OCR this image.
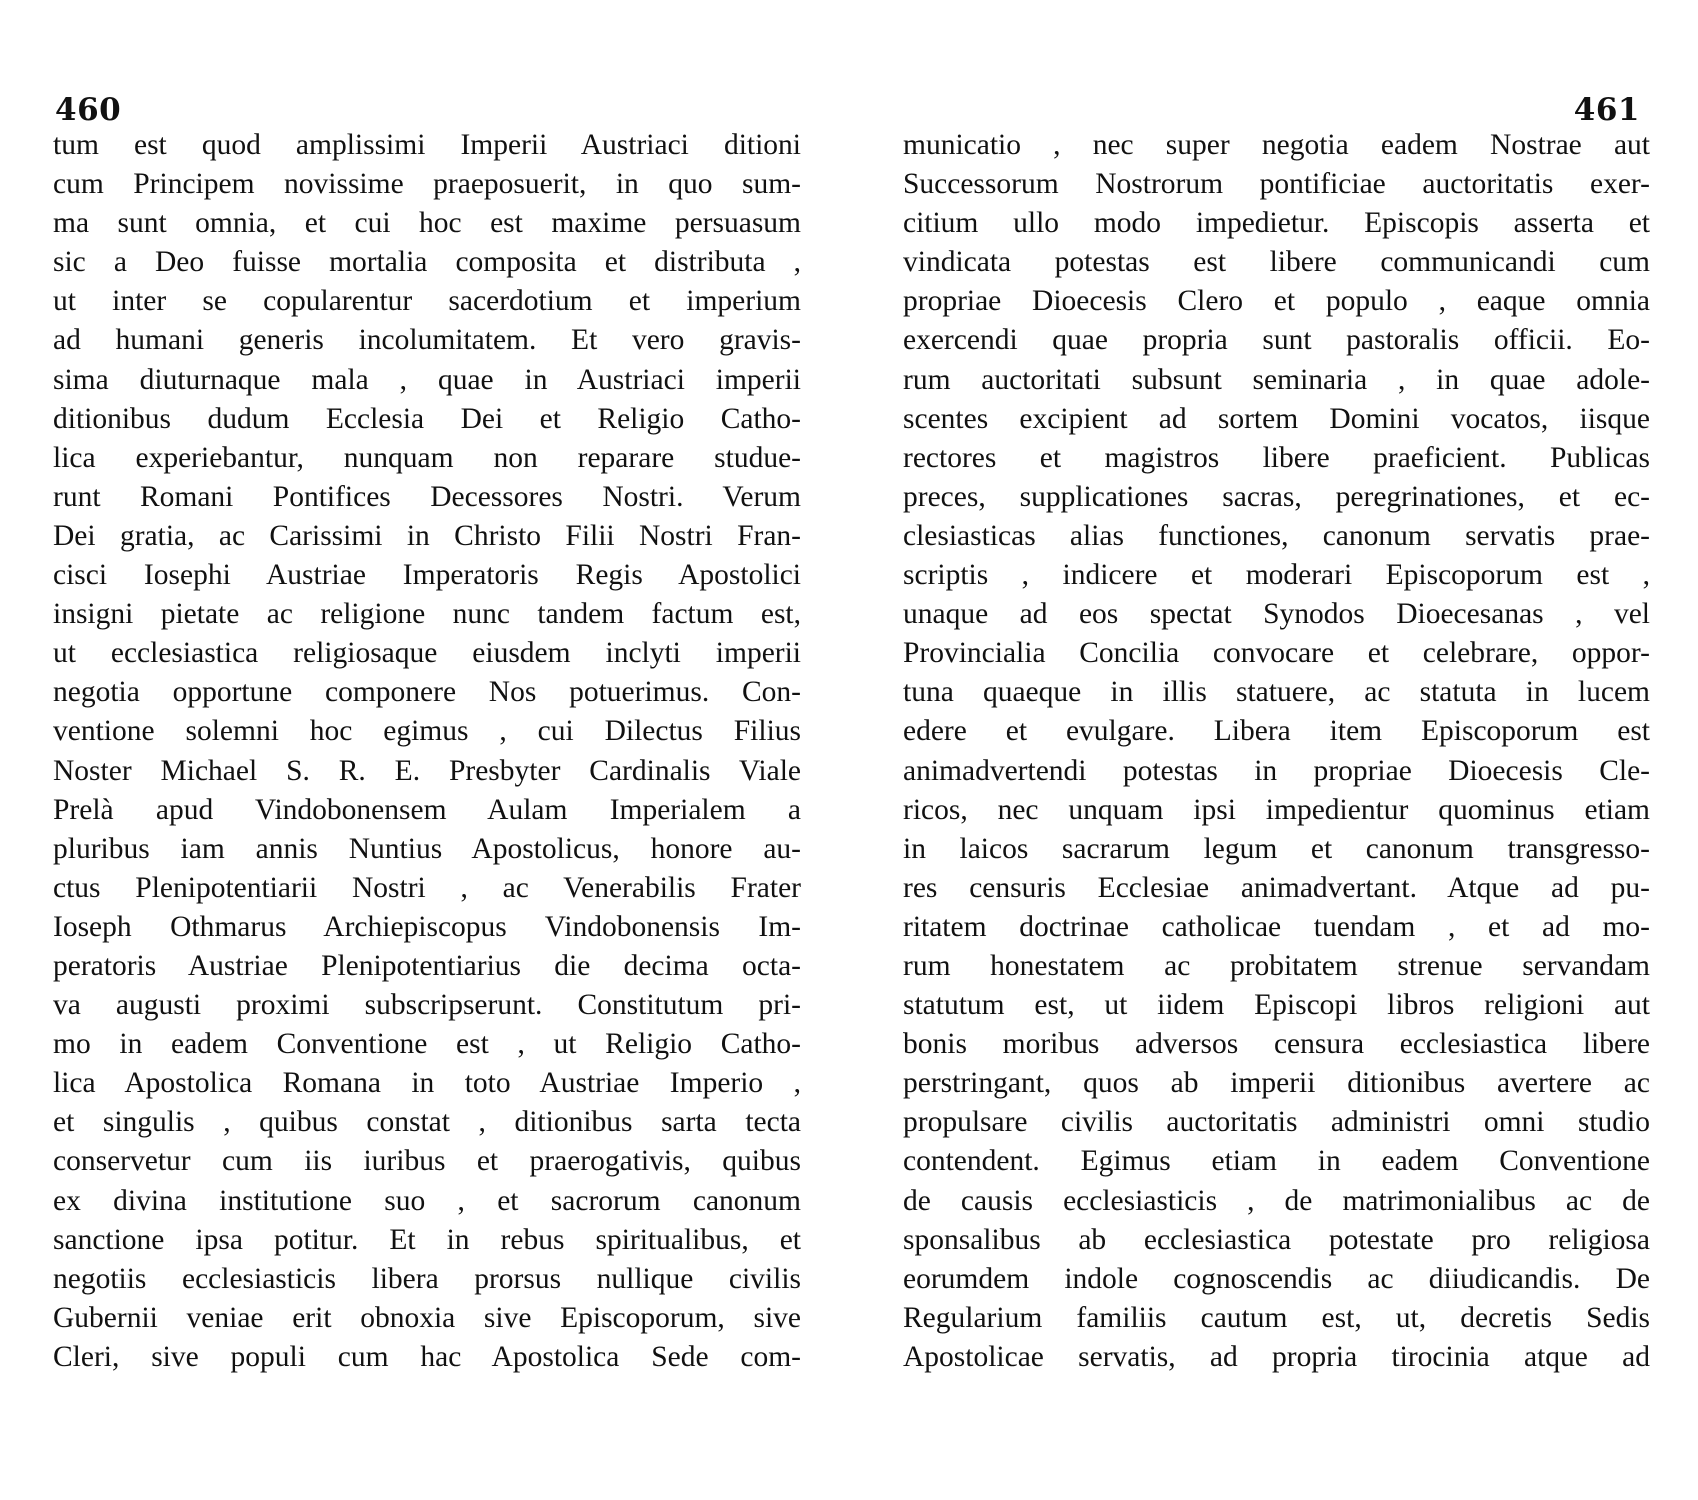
460
tum est quod amplissimi Imperii Austriaci ditioni
cum Principem novissime praeposuerit, in quo sum-
ma sunt omnia, et cui hoc est maxime persuasum
sic a Deo fuisse mortalia composita et distributa ,
ut inter se copularentur sacerdotium et imperium
ad humani generis incolumitatem. Et vero gravis-
sima diuturnaque mala , quae in Austriaci imperii
ditionibus dudum Ecclesia Dei et Religio Catho-
lica experiebantur, nunquam non reparare studue-
runt Romani Pontifices Decessores Nostri. Verum
Dei gratia, ac Carissimi in Christo Filii Nostri Fran-
cisci Iosephi Austriae Imperatoris Regis Apostolici
insigni pietate ac religione nunc tandem factum est,
ut ecclesiastica religiosaque eiusdem inclyti imperii
negotia opportune componere Nos potuerimus. Con-
ventione solemni hoc egimus , cui Dilectus Filius
Noster Michael S. R. E. Presbyter Cardinalis Viale
Prelà apud Vindobonensem Aulam Imperialem a
pluribus iam annis Nuntius Apostolicus, honore au-
ctus Plenipotentiarii Nostri , ac Venerabilis Frater
Ioseph Othmarus Archiepiscopus Vindobonensis Im-
peratoris Austriae Plenipotentiarius die decima octa-
va augusti proximi subscripserunt. Constitutum pri-
mo in eadem Conventione est , ut Religio Catho-
lica Apostolica Romana in toto Austriae Imperio ,
et singulis , quibus constat , ditionibus sarta tecta
conservetur cum iis iuribus et praerogativis, quibus
ex divina institutione suo , et sacrorum canonum
sanctione ipsa potitur. Et in rebus spiritualibus, et
negotiis ecclesiasticis libera prorsus nullique civilis
Gubernii veniae erit obnoxia sive Episcoporum, sive
Cleri, sive populi cum hac Apostolica Sede com-
461
municatio , nec super negotia eadem Nostrae aut
Successorum Nostrorum pontificiae auctoritatis exer-
citium ullo modo impedietur. Episcopis asserta et
vindicata potestas est libere communicandi cum
propriae Dioecesis Clero et populo , eaque omnia
exercendi quae propria sunt pastoralis officii. Eo-
rum auctoritati subsunt seminaria , in quae adole-
scentes excipient ad sortem Domini vocatos, iisque
rectores et magistros libere praeficient. Publicas
preces, supplicationes sacras, peregrinationes, et ec-
clesiasticas alias functiones, canonum servatis prae-
scriptis , indicere et moderari Episcoporum est ,
unaque ad eos spectat Synodos Dioecesanas , vel
Provincialia Concilia convocare et celebrare, oppor-
tuna quaeque in illis statuere, ac statuta in lucem
edere et evulgare. Libera item Episcoporum est
animadvertendi potestas in propriae Dioecesis Cle-
ricos, nec unquam ipsi impedientur quominus etiam
in laicos sacrarum legum et canonum transgresso-
res censuris Ecclesiae animadvertant. Atque ad pu-
ritatem doctrinae catholicae tuendam , et ad mo-
rum honestatem ac probitatem strenue servandam
statutum est, ut iidem Episcopi libros religioni aut
bonis moribus adversos censura ecclesiastica libere
perstringant, quos ab imperii ditionibus avertere ac
propulsare civilis auctoritatis administri omni studio
contendent. Egimus etiam in eadem Conventione
de causis ecclesiasticis , de matrimonialibus ac de
sponsalibus ab ecclesiastica potestate pro religiosa
eorumdem indole cognoscendis ac diiudicandis. De
Regularium familiis cautum est, ut, decretis Sedis
Apostolicae servatis, ad propria tirocinia atque ad
